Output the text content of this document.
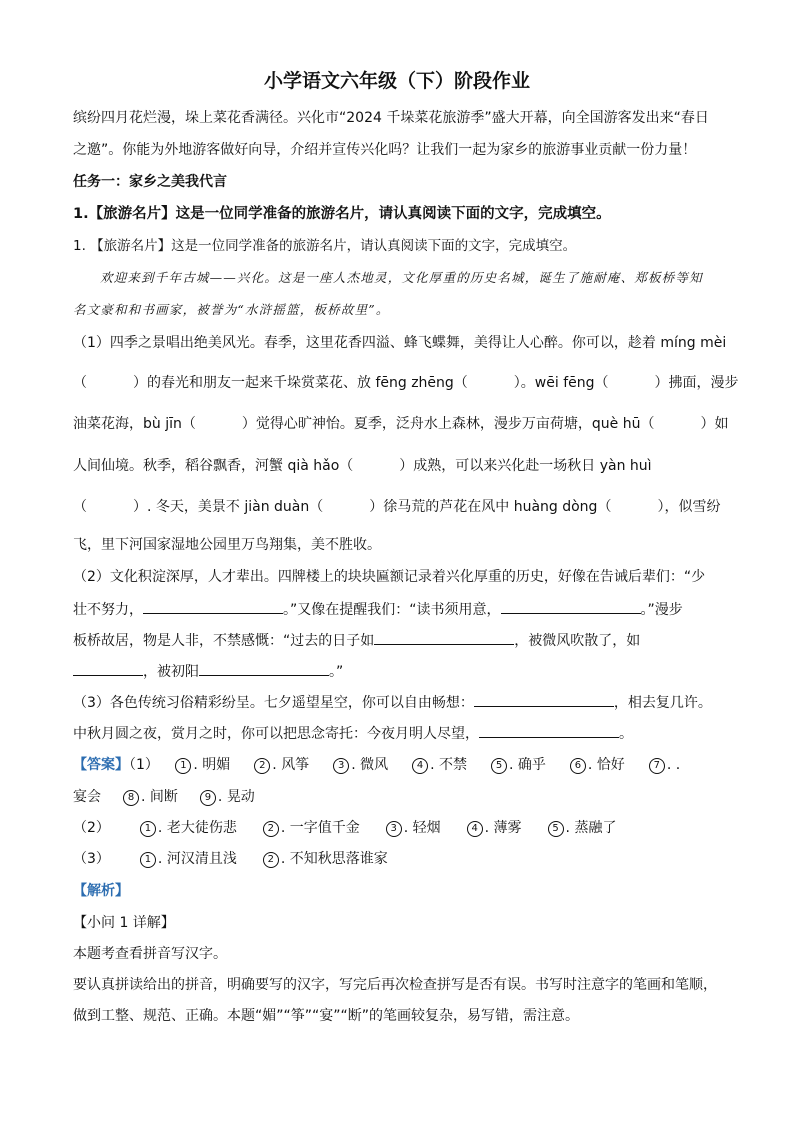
小学语文六年级（下）阶段作业
缤纷四月花烂漫，垛上菜花香满径。兴化市“2024 千垛菜花旅游季”盛大开幕，向全国游客发出来“春日
之邀”。你能为外地游客做好向导，介绍并宣传兴化吗？让我们一起为家乡的旅游事业贡献一份力量！
任务一：家乡之美我代言
1.【旅游名片】这是一位同学准备的旅游名片，请认真阅读下面的文字，完成填空。
1. 【旅游名片】这是一位同学准备的旅游名片，请认真阅读下面的文字，完成填空。
欢迎来到千年古城——兴化。这是一座人杰地灵，文化厚重的历史名城，诞生了施耐庵、郑板桥等知
名文豪和和书画家，被誉为“水浒摇篮，板桥故里”。
（1）四季之景唱出绝美风光。春季，这里花香四溢、蜂飞蝶舞，美得让人心醉。你可以，趁着 míng mèi
（	）的春光和朋友一起来千垛赏菜花、放 fēng zhēng（	）。wēi fēng（	）拂面，漫步
油菜花海，bù jīn（	）觉得心旷神怡。夏季，泛舟水上森林，漫步万亩荷塘，què hū（	）如
人间仙境。秋季，稻谷飘香，河蟹 qià hǎo（	）成熟，可以来兴化赴一场秋日 yàn huì
（	）. 冬天，美景不 jiàn duàn（	）徐马荒的芦花在风中 huàng dòng（	），似雪纷
飞，里下河国家湿地公园里万鸟翔集，美不胜收。
（2）文化积淀深厚，人才辈出。四牌楼上的块块匾额记录着兴化厚重的历史，好像在告诫后辈们：“少
壮不努力，	。”又像在提醒我们：“读书须用意，	。”漫步
板桥故居，物是人非，不禁感慨：“过去的日子如	，被微风吹散了，如
，被初阳	。”
（3）各色传统习俗精彩纷呈。七夕遥望星空，你可以自由畅想：	，相去复几许。
中秋月圆之夜，赏月之时，你可以把思念寄托：今夜月明人尽望，	。
【答案】（1） 1 . 明媚	2 . 风筝	3 . 微风	4 . 不禁	5 . 确乎	6 . 恰好	7 . .
宴会	8 . 间断	9 . 晃动
（2）	1 . 老大徒伤悲	2 . 一字值千金	3 . 轻烟	4 . 薄雾	5 . 蒸融了
（3）	1 . 河汉清且浅	2 . 不知秋思落谁家
【解析】
【小问 1 详解】
本题考查看拼音写汉字。
要认真拼读给出的拼音，明确要写的汉字，写完后再次检查拼写是否有误。书写时注意字的笔画和笔顺，
做到工整、规范、正确。本题“媚”“筝”“宴”“断”的笔画较复杂，易写错，需注意。
